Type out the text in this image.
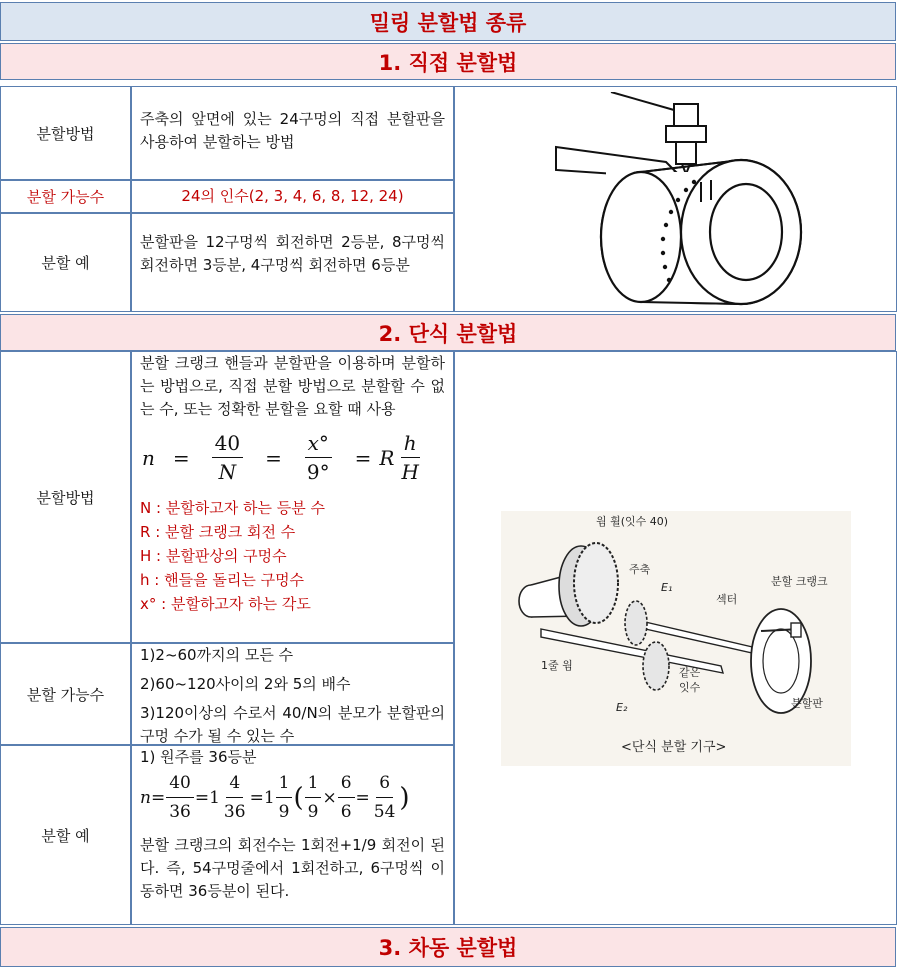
밀링 분할법 종류
1. 직접 분할법
분할방법
주축의 앞면에 있는 24구멍의 직접 분할판을 사용하여 분할하는 방법
분할 가능수	24의 인수(2, 3, 4, 6, 8, 12, 24)
분할 예
분할판을 12구멍씩 회전하면 2등분, 8구멍씩 회전하면 3등분, 4구멍씩 회전하면 6등분
2. 단식 분할법
분할방법
분할 크랭크 핸들과 분할판을 이용하며 분할하는 방법으로, 직접 분할 방법으로 분할할 수 없는 수, 또는 정확한 분할을 요할 때 사용
$n = \frac{40}{N} = \frac{x^\circ}{9^\circ} = R \frac{h}{H}$
N : 분할하고자 하는 등분 수
R : 분할 크랭크 회전 수
H : 분할판상의 구멍수
h : 핸들을 돌리는 구멍수
x° : 분할하고자 하는 각도
분할 가능수
1)2~60까지의 모든 수
2)60~120사이의 2와 5의 배수
3)120이상의 수로서 40/N의 분모가 분할판의 구멍 수가 될 수 있는 수
분할 예
1) 원주를 36등분
$n= \frac{40}{36} = 1 \frac{4}{36} = 1 \frac{1}{9}$ ( $\frac{1}{9} \times \frac{6}{6} = \frac{6}{54}$ )
분할 크랭크의 회전수는 1회전+1/9 회전이 된다. 즉, 54구멍줄에서 1회전하고, 6구멍씩 이동하면 36등분이 된다.
웜 휠(잇수 40)
주축
E₁
섹터
분할 크랭크
1줄 웜
같은
잇수
E₂	분할판
<단식 분할 기구>
3. 차동 분할법
